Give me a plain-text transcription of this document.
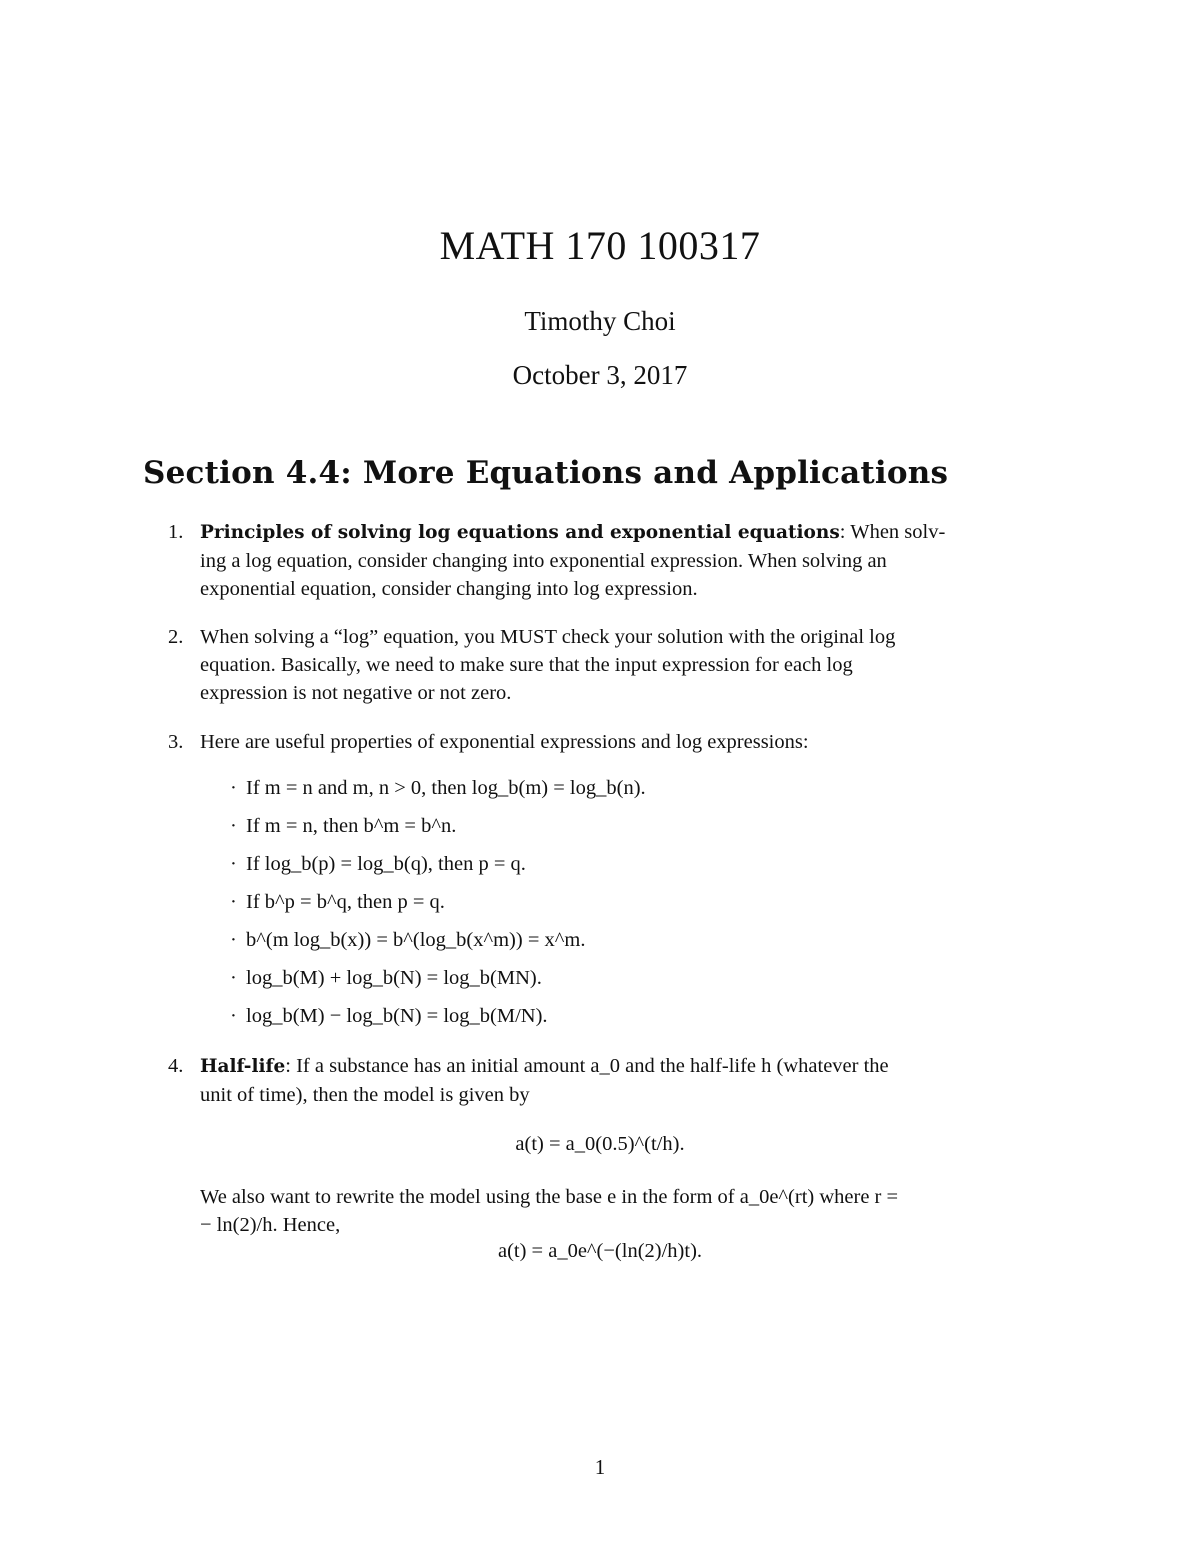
MATH 170 100317
Timothy Choi
October 3, 2017
Section 4.4: More Equations and Applications
1. Principles of solving log equations and exponential equations: When solv-
ing a log equation, consider changing into exponential expression. When solving an
exponential equation, consider changing into log expression.
2. When solving a “log” equation, you MUST check your solution with the original log
equation. Basically, we need to make sure that the input expression for each log
expression is not negative or not zero.
3. Here are useful properties of exponential expressions and log expressions:
· If m = n and m, n > 0, then log_b(m) = log_b(n).
· If m = n, then b^m = b^n.
· If log_b(p) = log_b(q), then p = q.
· If b^p = b^q, then p = q.
· b^(m log_b(x)) = b^(log_b(x^m)) = x^m.
· log_b(M) + log_b(N) = log_b(MN).
· log_b(M) − log_b(N) = log_b(M/N).
4. Half-life: If a substance has an initial amount a_0 and the half-life h (whatever the
unit of time), then the model is given by
a(t) = a_0(0.5)^(t/h).
We also want to rewrite the model using the base e in the form of a_0e^(rt) where r =
− ln(2)/h. Hence,
a(t) = a_0e^(−(ln(2)/h)t).
1
